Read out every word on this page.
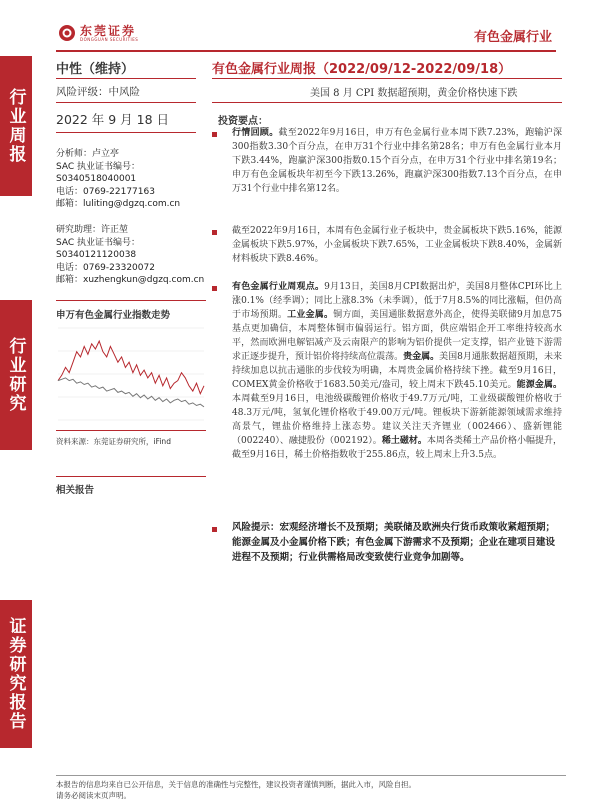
东莞证券
DONGGUAN SECURITIES	有色金属行业
行业周报
行业研究
证券研究报告
中性（维持）	有色金属行业周报（2022/09/12-2022/09/18）
风险评级：中风险	美国 8 月 CPI 数据超预期，黄金价格快速下跌
2022 年 9 月 18 日	投资要点：
分析师：卢立亭
SAC 执业证书编号：
S0340518040001
电话：0769-22177163
邮箱：luliting@dgzq.com.cn
研究助理：许正堃
SAC 执业证书编号：
S0340121120038
电话：0769-23320072
邮箱：xuzhengkun@dgzq.com.cn
申万有色金属行业指数走势
资料来源：东莞证券研究所，iFind
相关报告
行情回顾。截至2022年9月16日，申万有色金属行业本周下跌7.23%，跑输沪深300指数3.30个百分点，在申万31个行业中排名第28名；申万有色金属行业本月下跌3.44%，跑赢沪深300指数0.15个百分点，在申万31个行业中排名第19名；申万有色金属板块年初至今下跌13.26%，跑赢沪深300指数7.13个百分点，在申万31个行业中排名第12名。
截至2022年9月16日，本周有色金属行业子板块中，贵金属板块下跌5.16%，能源金属板块下跌5.97%，小金属板块下跌7.65%，工业金属板块下跌8.40%，金属新材料板块下跌8.46%。
有色金属行业周观点。9月13日，美国8月CPI数据出炉，美国8月整体CPI环比上涨0.1%（经季调）；同比上涨8.3%（未季调），低于7月8.5%的同比涨幅，但仍高于市场预期。工业金属。铜方面，美国通胀数据意外高企，使得美联储9月加息75基点更加确信，本周整体铜市偏弱运行。铝方面，供应端铝企开工率维持较高水平，然而欧洲电解铝减产及云南限产的影响为铝价提供一定支撑，铝产业链下游需求正逐步提升，预计铝价将持续高位震荡。贵金属。美国8月通胀数据超预期，未来持续加息以抗击通胀的步伐较为明确，本周贵金属价格持续下挫。截至9月16日，COMEX黄金价格收于1683.50美元/盎司，较上周末下跌45.10美元。能源金属。本周截至9月16日，电池级碳酸锂价格收于49.7万元/吨，工业级碳酸锂价格收于48.3万元/吨，氢氧化锂价格收于49.00万元/吨。锂板块下游新能源领域需求维持高景气，锂盐价格维持上涨态势。建议关注天齐锂业（002466）、盛新锂能（002240）、融捷股份（002192）。稀土磁材。本周各类稀土产品价格小幅提升，截至9月16日，稀土价格指数收于255.86点，较上周末上升3.5点。
风险提示：宏观经济增长不及预期；美联储及欧洲央行货币政策收紧超预期；能源金属及小金属价格下跌；有色金属下游需求不及预期；企业在建项目建设进程不及预期；行业供需格局改变致使行业竞争加剧等。
本报告的信息均来自已公开信息，关于信息的准确性与完整性，建议投资者谨慎判断，据此入市，风险自担。
请务必阅读末页声明。
